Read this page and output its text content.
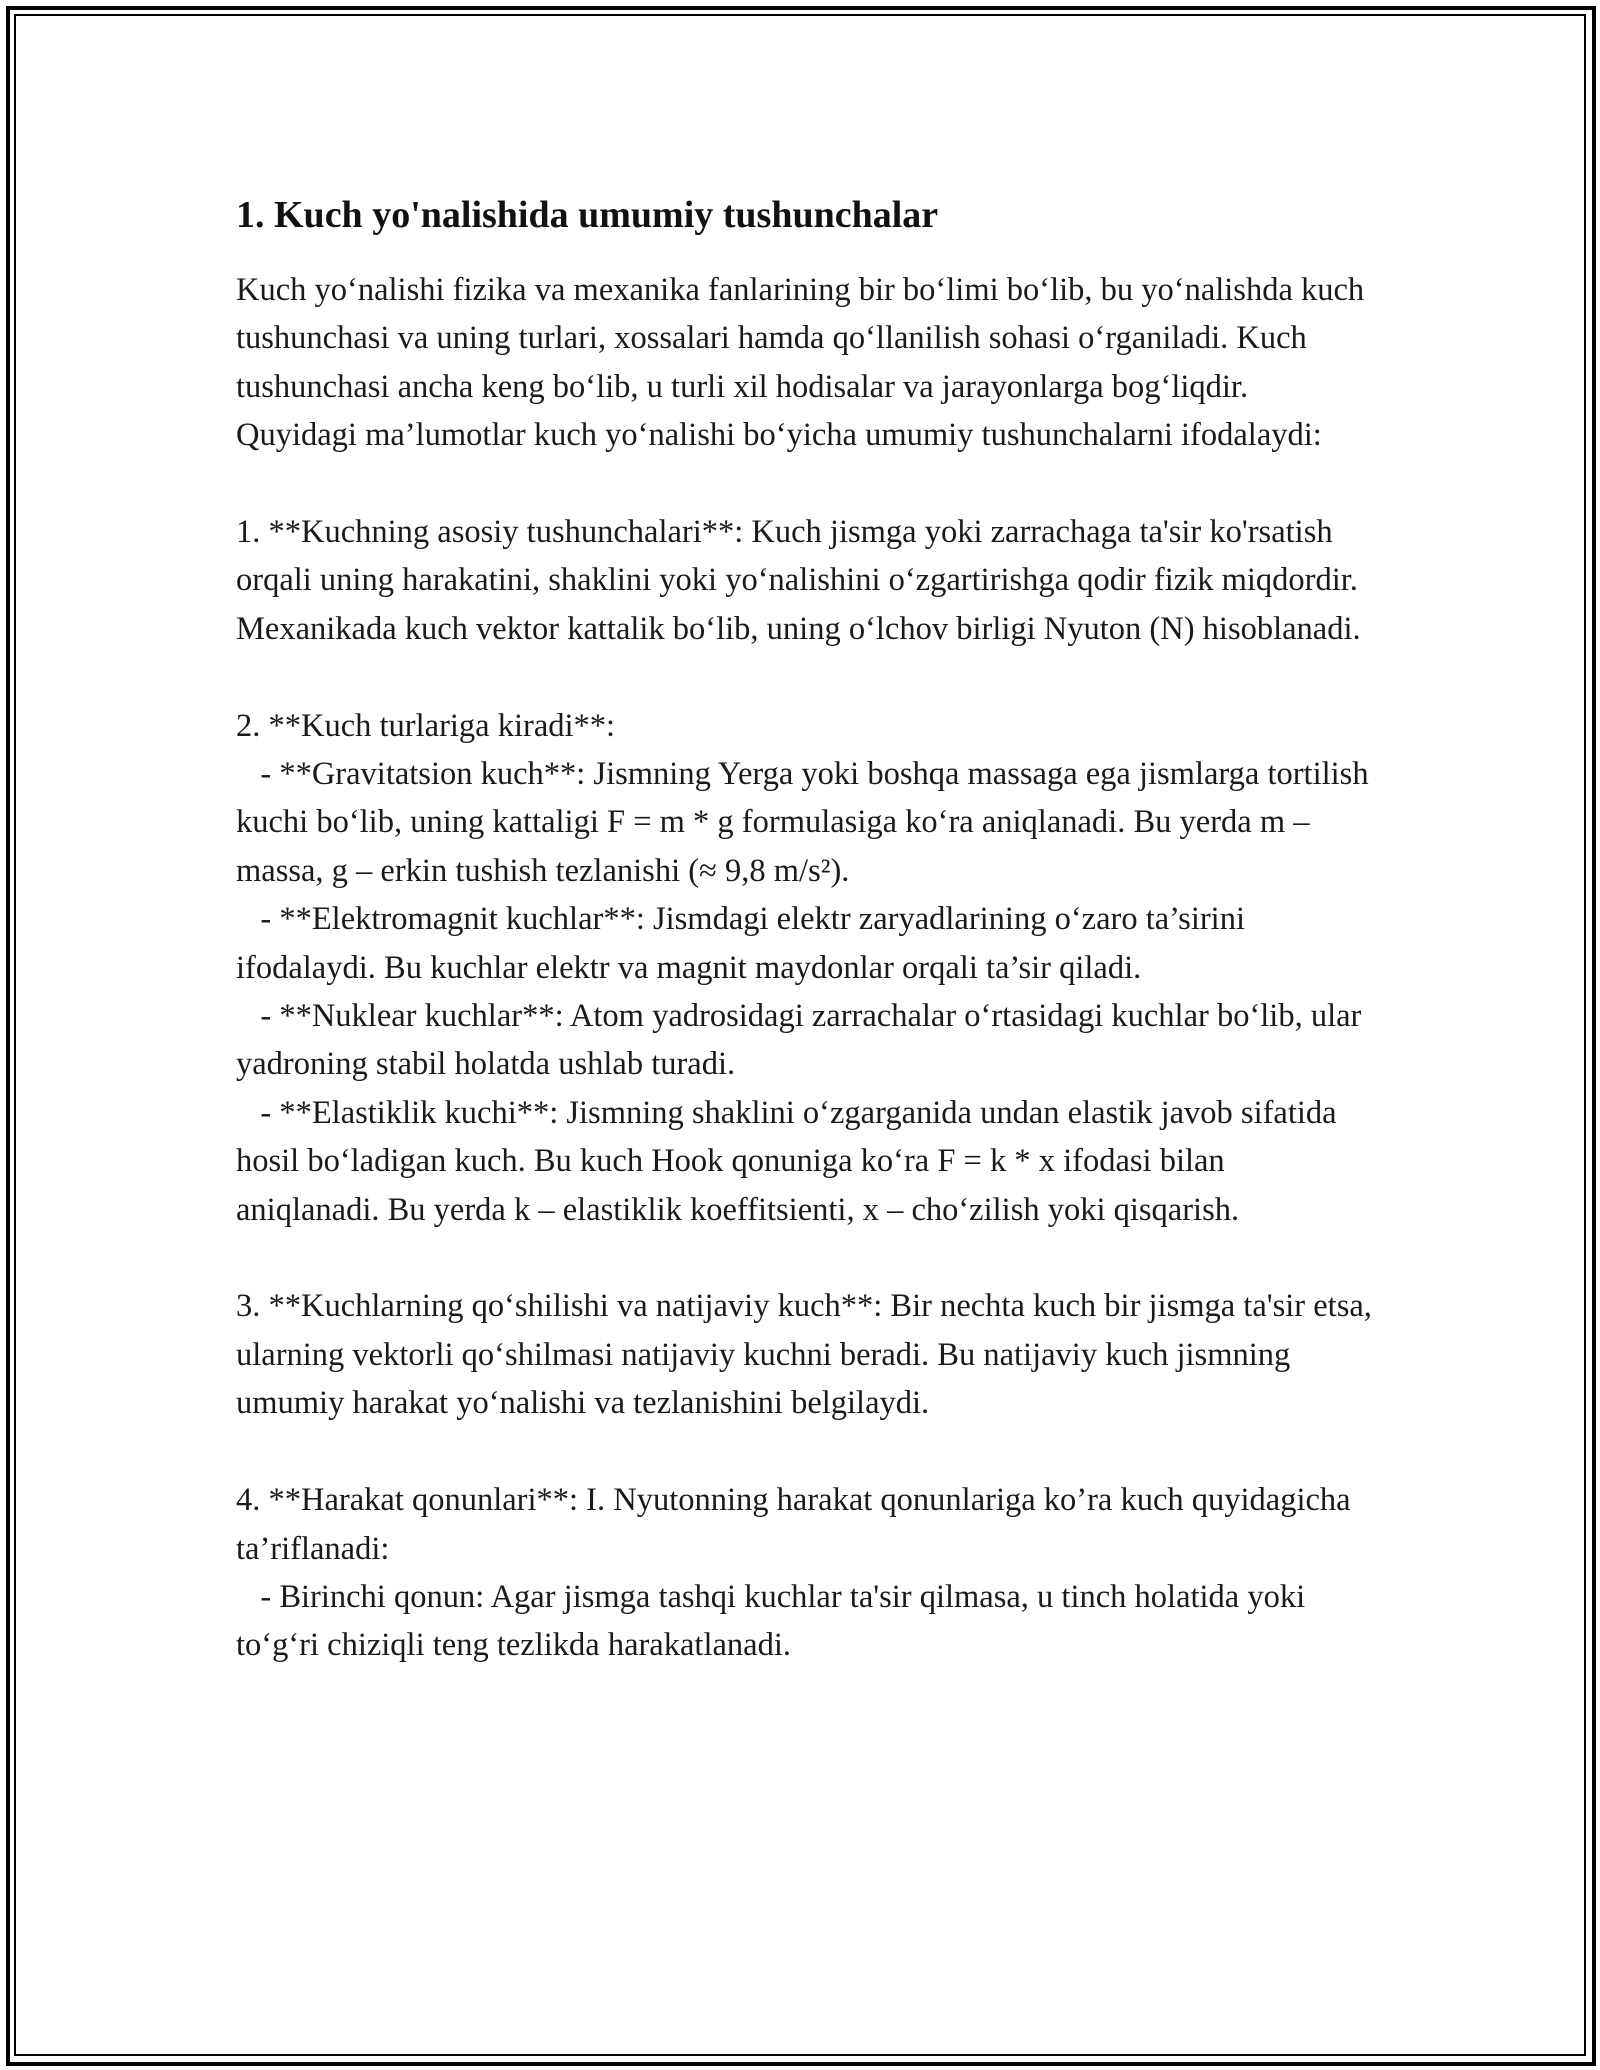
1. Kuch yo'nalishida umumiy tushunchalar

Kuch yo‘nalishi fizika va mexanika fanlarining bir bo‘limi bo‘lib, bu yo‘nalishda kuch tushunchasi va uning turlari, xossalari hamda qo‘llanilish sohasi o‘rganiladi. Kuch tushunchasi ancha keng bo‘lib, u turli xil hodisalar va jarayonlarga bog‘liqdir. Quyidagi ma’lumotlar kuch yo‘nalishi bo‘yicha umumiy tushunchalarni ifodalaydi:

1. **Kuchning asosiy tushunchalari**: Kuch jismga yoki zarrachaga ta'sir ko'rsatish orqali uning harakatini, shaklini yoki yo‘nalishini o‘zgartirishga qodir fizik miqdordir. Mexanikada kuch vektor kattalik bo‘lib, uning o‘lchov birligi Nyuton (N) hisoblanadi.

2. **Kuch turlariga kiradi**:

- **Gravitatsion kuch**: Jismning Yerga yoki boshqa massaga ega jismlarga tortilish kuchi bo‘lib, uning kattaligi F = m * g formulasiga ko‘ra aniqlanadi. Bu yerda m – massa, g – erkin tushish tezlanishi (≈ 9,8 m/s²).

- **Elektromagnit kuchlar**: Jismdagi elektr zaryadlarining o‘zaro ta’sirini ifodalaydi. Bu kuchlar elektr va magnit maydonlar orqali ta’sir qiladi.

- **Nuklear kuchlar**: Atom yadrosidagi zarrachalar o‘rtasidagi kuchlar bo‘lib, ular yadroning stabil holatda ushlab turadi.

- **Elastiklik kuchi**: Jismning shaklini o‘zgarganida undan elastik javob sifatida hosil bo‘ladigan kuch. Bu kuch Hook qonuniga ko‘ra F = k * x ifodasi bilan aniqlanadi. Bu yerda k – elastiklik koeffitsienti, x – cho‘zilish yoki qisqarish.

3. **Kuchlarning qo‘shilishi va natijaviy kuch**: Bir nechta kuch bir jismga ta'sir etsa, ularning vektorli qo‘shilmasi natijaviy kuchni beradi. Bu natijaviy kuch jismning umumiy harakat yo‘nalishi va tezlanishini belgilaydi.

4. **Harakat qonunlari**: I. Nyutonning harakat qonunlariga ko’ra kuch quyidagicha ta’riflanadi:

- Birinchi qonun: Agar jismga tashqi kuchlar ta'sir qilmasa, u tinch holatida yoki to‘g‘ri chiziqli teng tezlikda harakatlanadi.
